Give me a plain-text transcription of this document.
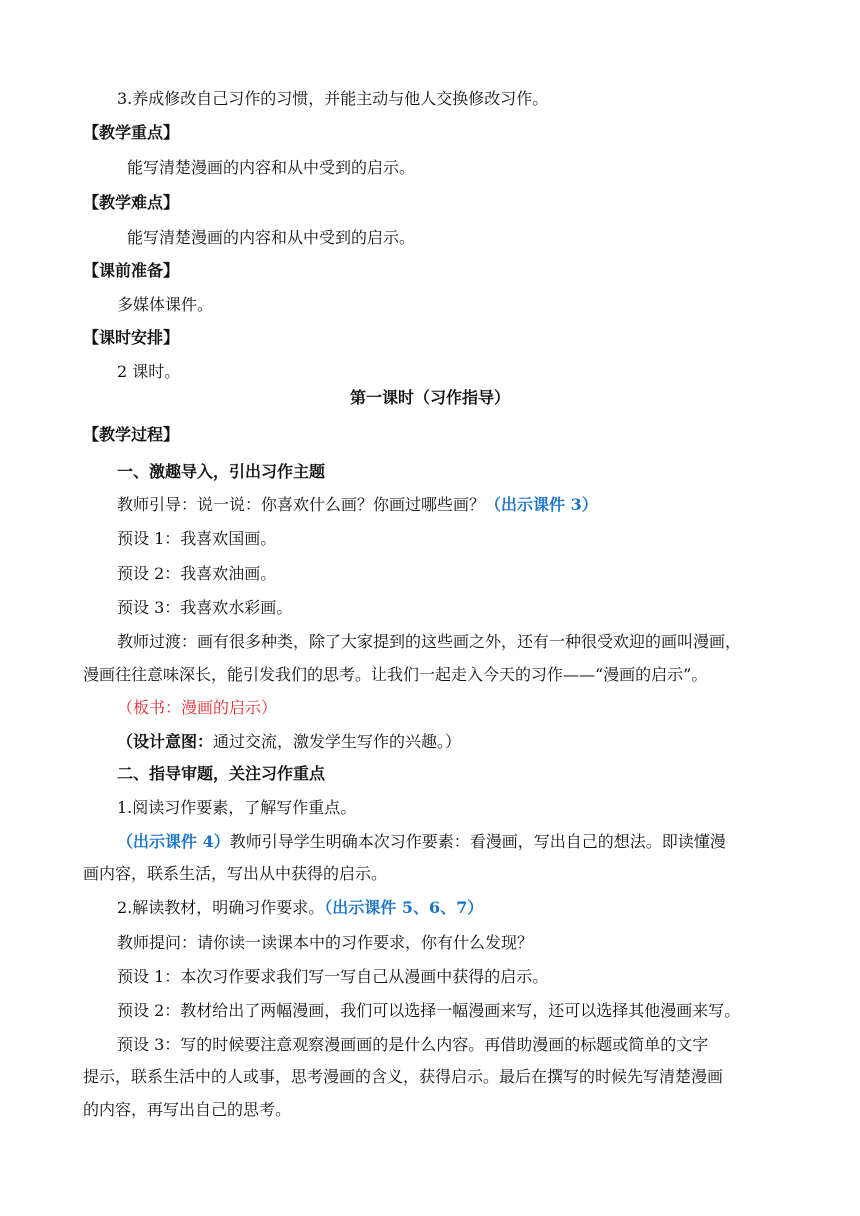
3.养成修改自己习作的习惯，并能主动与他人交换修改习作。
【教学重点】
能写清楚漫画的内容和从中受到的启示。
【教学难点】
能写清楚漫画的内容和从中受到的启示。
【课前准备】
多媒体课件。
【课时安排】
2 课时。
第一课时（习作指导）
【教学过程】
一、激趣导入，引出习作主题
教师引导：说一说：你喜欢什么画？你画过哪些画？（出示课件 3）
预设 1：我喜欢国画。
预设 2：我喜欢油画。
预设 3：我喜欢水彩画。
教师过渡：画有很多种类，除了大家提到的这些画之外，还有一种很受欢迎的画叫漫画，
漫画往往意味深长，能引发我们的思考。让我们一起走入今天的习作——“漫画的启示”。
（板书：漫画的启示）
（设计意图：通过交流，激发学生写作的兴趣。）
二、指导审题，关注习作重点
1.阅读习作要素，了解写作重点。
（出示课件 4）教师引导学生明确本次习作要素：看漫画，写出自己的想法。即读懂漫
画内容，联系生活，写出从中获得的启示。
2.解读教材，明确习作要求。（出示课件 5、6、7）
教师提问：请你读一读课本中的习作要求，你有什么发现？
预设 1：本次习作要求我们写一写自己从漫画中获得的启示。
预设 2：教材给出了两幅漫画，我们可以选择一幅漫画来写，还可以选择其他漫画来写。
预设 3：写的时候要注意观察漫画画的是什么内容。再借助漫画的标题或简单的文字
提示，联系生活中的人或事，思考漫画的含义，获得启示。最后在撰写的时候先写清楚漫画
的内容，再写出自己的思考。
